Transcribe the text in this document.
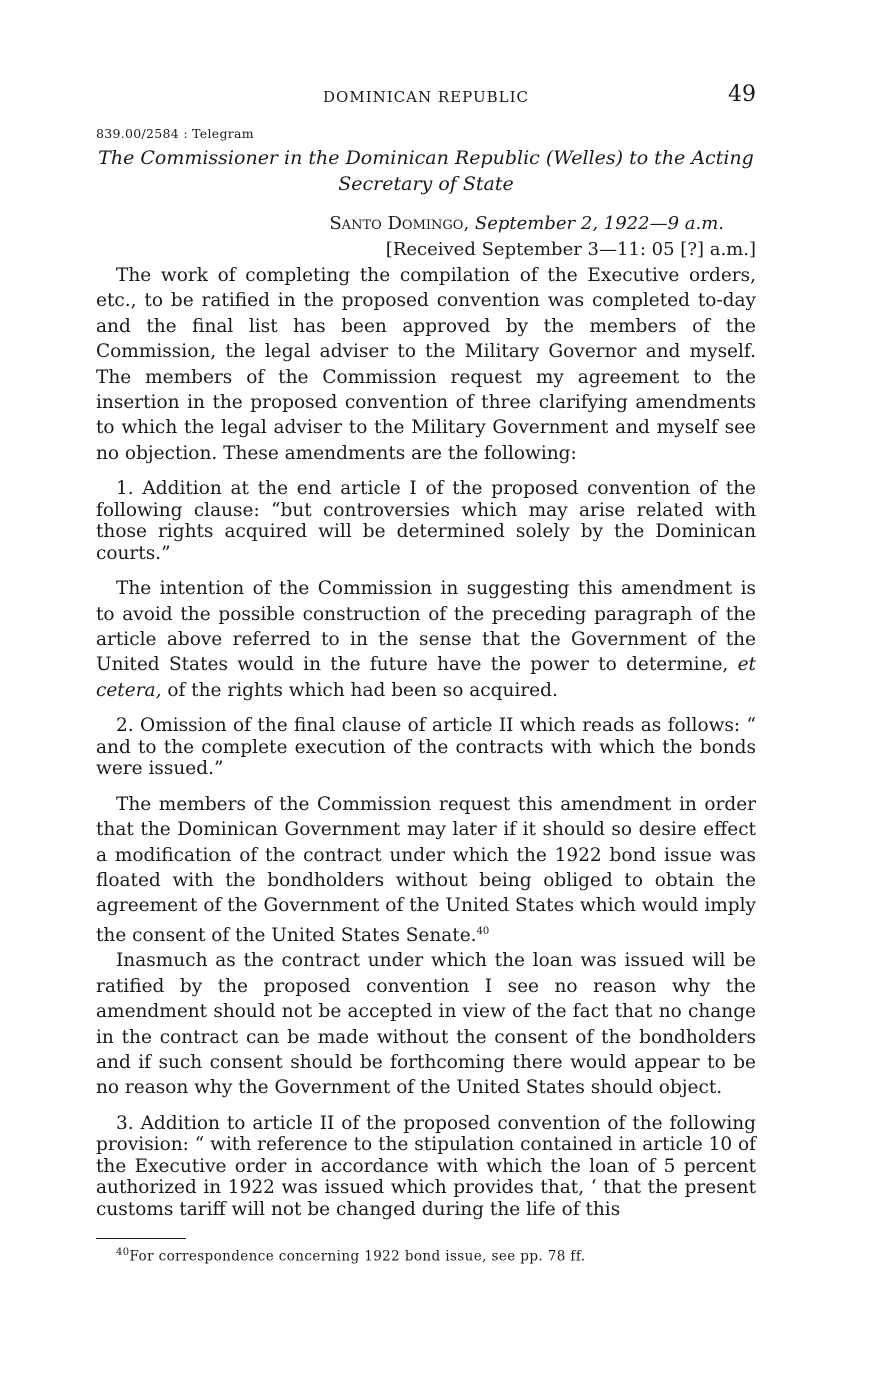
DOMINICAN REPUBLIC	49
839.00/2584 : Telegram
The Commissioner in the Dominican Republic (Welles) to the Acting
Secretary of State
Santo Domingo, September 2, 1922—9 a.m.
[Received September 3—11: 05 [?] a.m.]

The work of completing the compilation of the Executive orders, etc., to be ratified in the proposed convention was completed to-day and the final list has been approved by the members of the Commission, the legal adviser to the Military Governor and myself. The members of the Commission request my agreement to the insertion in the proposed convention of three clarifying amendments to which the legal adviser to the Military Government and myself see no objection. These amendments are the following:

1. Addition at the end article I of the proposed convention of the following clause: “but controversies which may arise related with those rights acquired will be determined solely by the Dominican courts.”

The intention of the Commission in suggesting this amendment is to avoid the possible construction of the preceding paragraph of the article above referred to in the sense that the Government of the United States would in the future have the power to determine, et cetera, of the rights which had been so acquired.

2. Omission of the final clause of article II which reads as follows: “ and to the complete execution of the contracts with which the bonds were issued.”

The members of the Commission request this amendment in order that the Dominican Government may later if it should so desire effect a modification of the contract under which the 1922 bond issue was floated with the bondholders without being obliged to obtain the agreement of the Government of the United States which would imply the consent of the United States Senate.$^{40}$

Inasmuch as the contract under which the loan was issued will be ratified by the proposed convention I see no reason why the amendment should not be accepted in view of the fact that no change in the contract can be made without the consent of the bondholders and if such consent should be forthcoming there would appear to be no reason why the Government of the United States should object.

3. Addition to article II of the proposed convention of the following provision: “ with reference to the stipulation contained in article 10 of the Executive order in accordance with which the loan of 5 percent authorized in 1922 was issued which provides that, ‘ that the present customs tariff will not be changed during the life of this

$^{40}$For correspondence concerning 1922 bond issue, see pp. 78 ff.
